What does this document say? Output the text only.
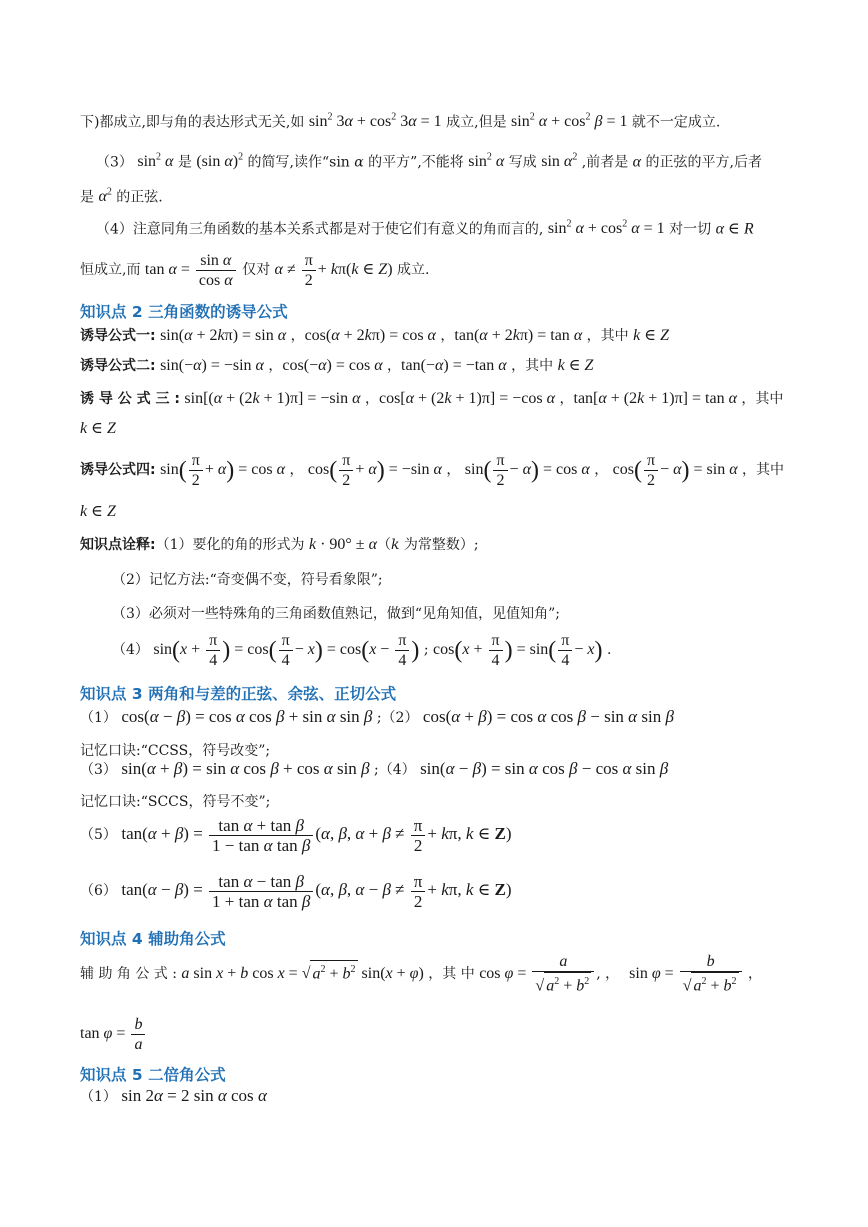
下)都成立,即与角的表达形式无关,如 $\sin^2 3\alpha + \cos^2 3\alpha = 1$ 成立,但是 $\sin^2 \alpha + \cos^2 \beta = 1$ 就不一定成立.
（3） $\sin^2 \alpha$ 是 (sin α)$^2$ 的简写,读作“sin α 的平方”,不能将 $\sin^2 \alpha$ 写成 $\sin \alpha^2$ ,前者是 α 的正弦的平方,后者
是 $\alpha^2$ 的正弦.
（4）注意同角三角函数的基本关系式都是对于使它们有意义的角而言的, $\sin^2 \alpha + \cos^2 \alpha = 1$ 对一切 α ∈ R
恒成立,而 $\tan \alpha = \frac{\text{sin α}}{\text{cos α}}$ 仅对 $\alpha \ne \frac{\pi}{2} + k\pi(k$ ∈ Z) 成立.
知识点 2 三角函数的诱导公式
诱导公式一: sin(α + 2kπ) = sin α ，cos(α + 2kπ) = cos α ，tan(α + 2kπ) = tan α ，其中 k ∈ Z
诱导公式二: sin(−α) = −sin α ，cos(−α) = cos α ，tan(−α) = −tan α ，其中 k ∈ Z
诱 导 公 式 三 : sin[(α + (2k + 1)π] = −sin α ，cos[α + (2k + 1)π] = −cos α ，tan[α + (2k + 1)π] = tan α ，其中
k ∈ Z
诱导公式四: $\sin( \frac{\pi}{2} + \alpha) = \cos \alpha$ ， $\cos( \frac{\pi}{2} + \alpha) = -\sin$ α ， $\sin( \frac{\pi}{2} - \alpha) = \cos \alpha$ ， $\cos( \frac{\pi}{2} - \alpha) = \sin \alpha$ ，其中
k ∈ Z
知识点诠释:（1）要化的角的形式为 k · 90° ± α（k 为常整数）;
（2）记忆方法:“奇变偶不变，符号看象限”;
（3）必须对一些特殊角的三角函数值熟记，做到“见角知值，见值知角”;
（4） $\sin(x + \frac{\pi}{4}$ ) = $\cos( \frac{\pi}{4} - x) = \cos(x - \frac{\pi}{4}$ ) ; $\cos(x + \frac{\pi}{4}$ ) = $\sin( \frac{\pi}{4} - x)$ .
知识点 3 两角和与差的正弦、余弦、正切公式
（1） cos(α − β) = cos α cos β + sin α sin β ;（2） cos(α + β) = cos α cos β − sin α sin β
记忆口诀:“CCSS，符号改变”;
（3） sin(α + β) = sin α cos β + cos α sin β ;（4） sin(α − β) = sin α cos β − cos α sin β
记忆口诀:“SCCS，符号不变”;
（5） $\tan(\alpha + \beta) = \frac{\text{tan α + tan β}}{\text{1 − tan α tan β}} (\alpha$, β, $\alpha + \beta \ne \frac{\pi}{2} + k\pi$, k ∈ Z)
（6） $\tan(\alpha - \beta) = \frac{\text{tan α − tan β}}{\text{1 + tan α tan β}} (\alpha$, β, $\alpha - \beta \ne \frac{\pi}{2} + k\pi$, k ∈ Z)
知识点 4 辅助角公式
辅 助 角 公 式 : a sin x + b cos x = √ $a^2 + b^2$ sin(x + φ) ，其 中 $\cos \varphi = \frac{a}{√ a^2 + b^2}$ , ， $\sin \varphi = \frac{b}{√ a^2 + b^2}$ ，
$\tan \varphi = \frac{b}{a}$
知识点 5 二倍角公式
（1） sin 2α = 2 sin α cos α
